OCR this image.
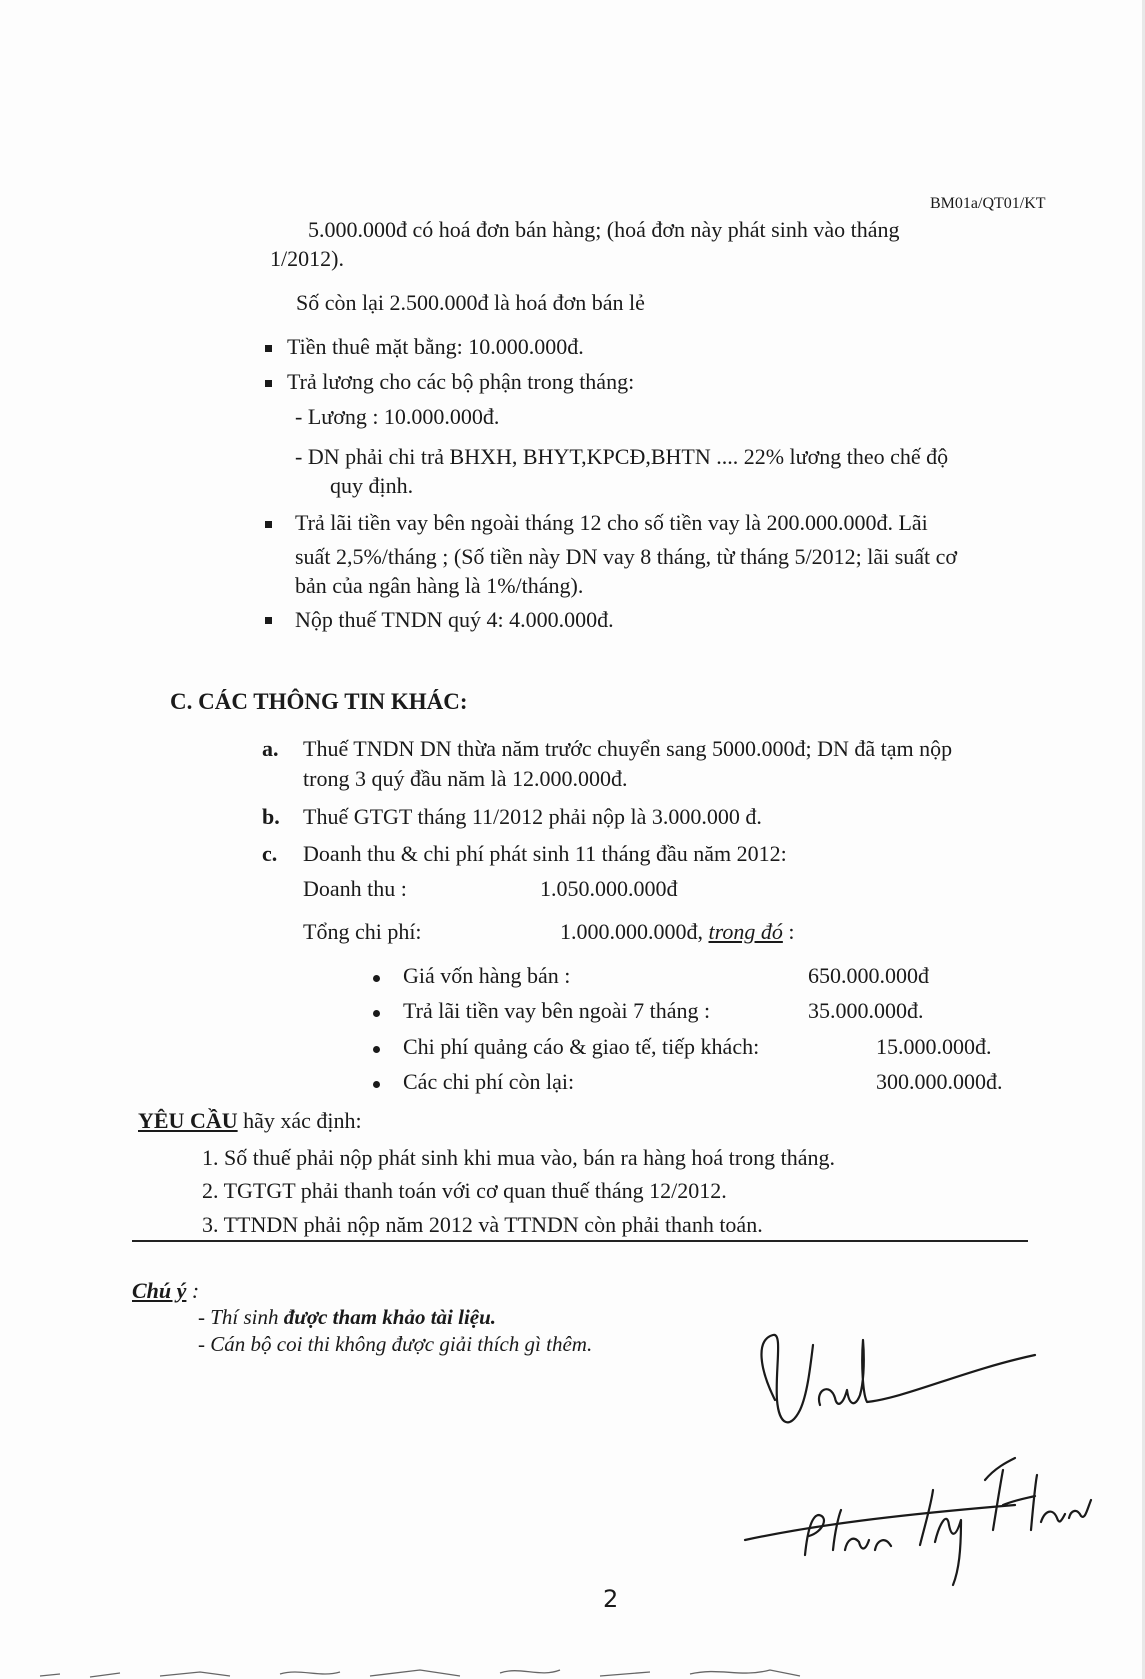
BM01a/QT01/KT
5.000.000đ có hoá đơn bán hàng; (hoá đơn này phát sinh vào tháng
1/2012).
Số còn lại 2.500.000đ là hoá đơn bán lẻ
Tiền thuê mặt bằng: 10.000.000đ.
Trả lương cho các bộ phận trong tháng:
- Lương : 10.000.000đ.
- DN phải chi trả BHXH, BHYT,KPCĐ,BHTN .... 22% lương theo chế độ
quy định.
Trả lãi tiền vay bên ngoài tháng 12 cho số tiền vay là 200.000.000đ. Lãi
suất 2,5%/tháng ; (Số tiền này DN vay 8 tháng, từ tháng 5/2012; lãi suất cơ
bản của ngân hàng là 1%/tháng).
Nộp thuế TNDN quý 4: 4.000.000đ.
C. CÁC THÔNG TIN KHÁC:
a. Thuế TNDN DN thừa năm trước chuyển sang 5000.000đ; DN đã tạm nộp
trong 3 quý đầu năm là 12.000.000đ.
b. Thuế GTGT tháng 11/2012 phải nộp là 3.000.000 đ.
c. Doanh thu & chi phí phát sinh 11 tháng đầu năm 2012:
Doanh thu :	1.050.000.000đ
Tổng chi phí:	1.000.000.000đ, trong đó :
Giá vốn hàng bán :	650.000.000đ
Trả lãi tiền vay bên ngoài 7 tháng :	35.000.000đ.
Chi phí quảng cáo & giao tế, tiếp khách:	15.000.000đ.
Các chi phí còn lại:	300.000.000đ.
YÊU CẦU hãy xác định:
1. Số thuế phải nộp phát sinh khi mua vào, bán ra hàng hoá trong tháng.
2. TGTGT phải thanh toán với cơ quan thuế tháng 12/2012.
3. TTNDN phải nộp năm 2012 và TTNDN còn phải thanh toán.
Chú ý :
- Thí sinh được tham khảo tài liệu.
- Cán bộ coi thi không được giải thích gì thêm.
Phan Mỹ Hạnh
2
